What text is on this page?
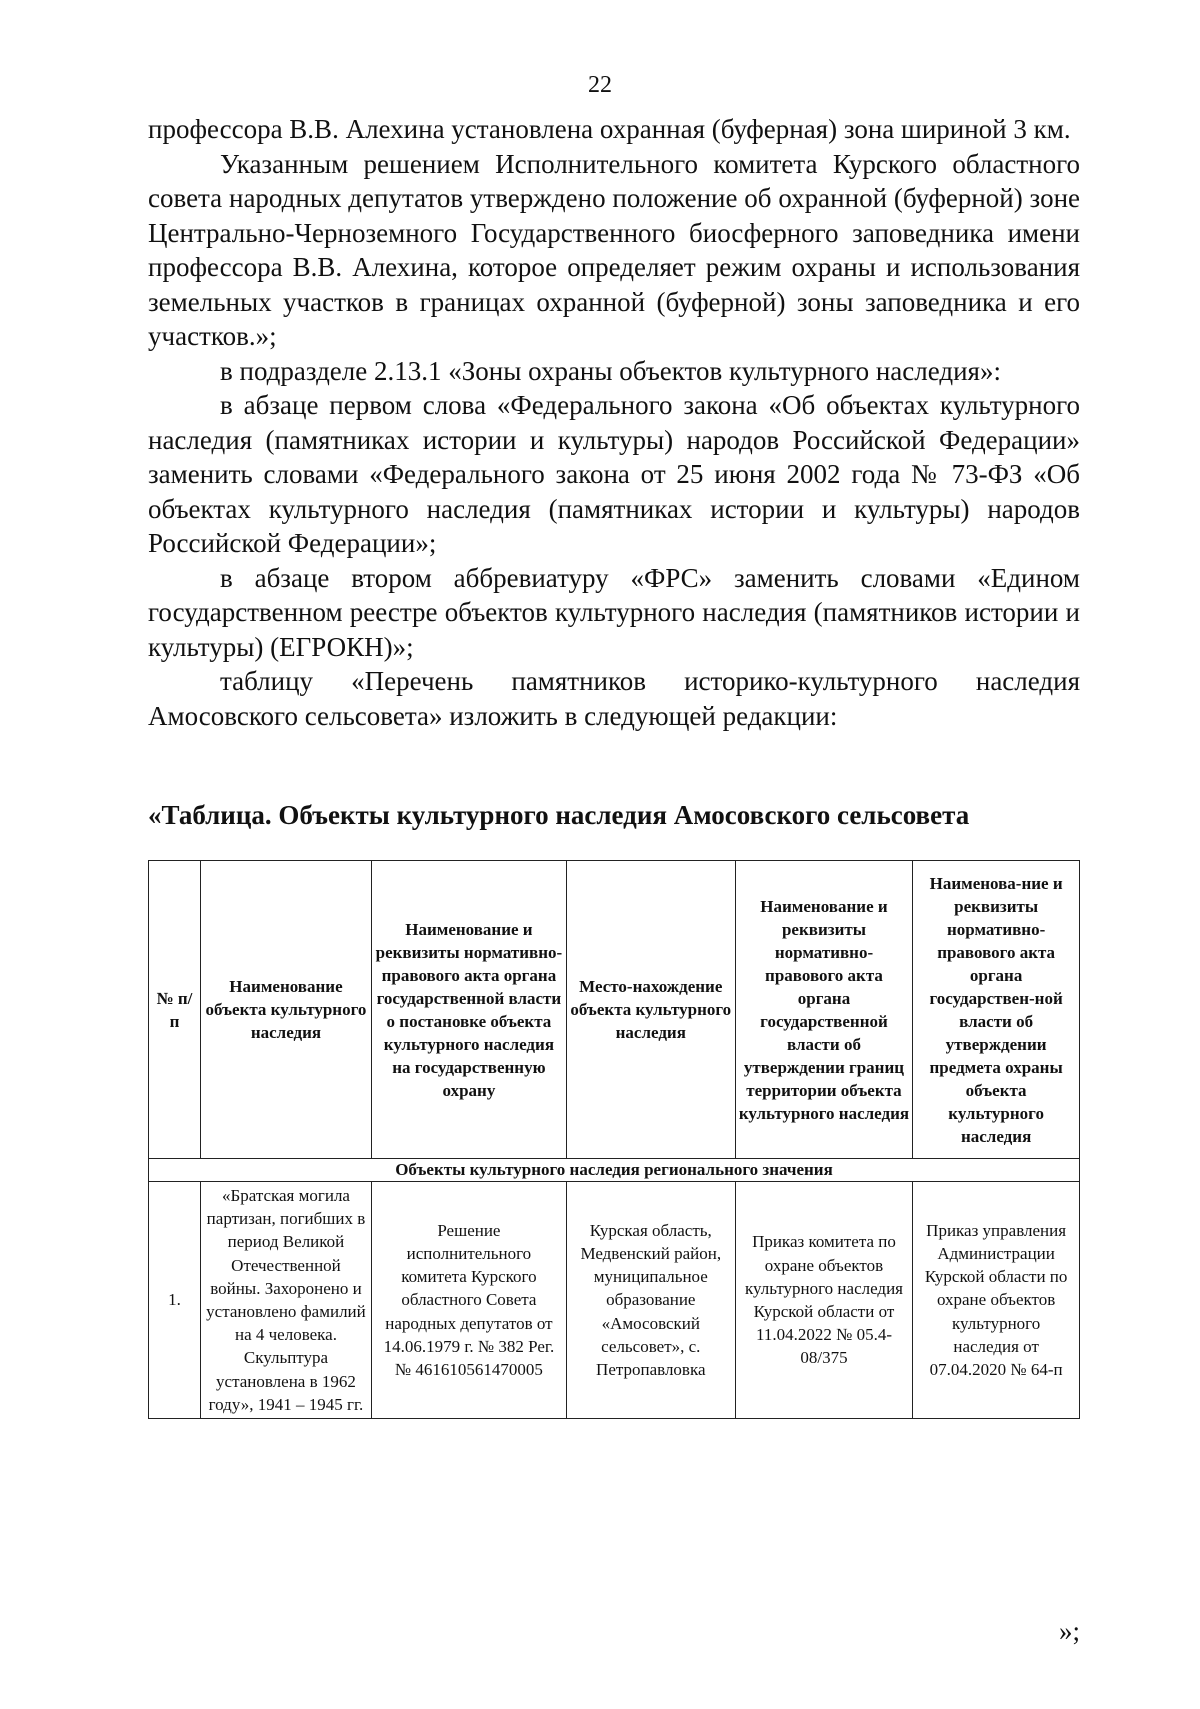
22

профессора В.В. Алехина установлена охранная (буферная) зона шириной 3 км.

Указанным решением Исполнительного комитета Курского областного совета народных депутатов утверждено положение об охранной (буферной) зоне Центрально-Черноземного Государственного биосферного заповедника имени профессора В.В. Алехина, которое определяет режим охраны и использования земельных участков в границах охранной (буферной) зоны заповедника и его участков.»;

в подразделе 2.13.1 «Зоны охраны объектов культурного наследия»:

в абзаце первом слова «Федерального закона «Об объектах культурного наследия (памятниках истории и культуры) народов Российской Федерации» заменить словами «Федерального закона от 25 июня 2002 года № 73-ФЗ «Об объектах культурного наследия (памятниках истории и культуры) народов Российской Федерации»;

в абзаце втором аббревиатуру «ФРС» заменить словами «Едином государственном реестре объектов культурного наследия (памятников истории и культуры) (ЕГРОКН)»;

таблицу «Перечень памятников историко-культурного наследия Амосовского сельсовета» изложить в следующей редакции:

«Таблица. Объекты культурного наследия Амосовского сельсовета
№ п/п	Наименование объекта культурного наследия	Наименование и реквизиты нормативно-правового акта органа государственной власти о постановке объекта культурного наследия на государственную охрану	Место-нахождение объекта культурного наследия	Наименование и реквизиты нормативно-правового акта органа государственной власти об утверждении границ территории объекта культурного наследия	Наименова-ние и реквизиты нормативно-правового акта органа государствен-ной власти об утверждении предмета охраны объекта культурного наследия
Объекты культурного наследия регионального значения					
1.	«Братская могила партизан, погибших в период Великой Отечественной войны. Захоронено и установлено фамилий на 4 человека. Скульптура установлена в 1962 году», 1941 – 1945 гг.	Решение исполнительного комитета Курского областного Совета народных депутатов от 14.06.1979 г. № 382 Рег. № 461610561470005	Курская область, Медвенский район, муниципальное образование «Амосовский сельсовет», с. Петропавловка	Приказ комитета по охране объектов культурного наследия Курской области от 11.04.2022 № 05.4-08/375	Приказ управления Администрации Курской области по охране объектов культурного наследия от 07.04.2020 № 64-п
»;
